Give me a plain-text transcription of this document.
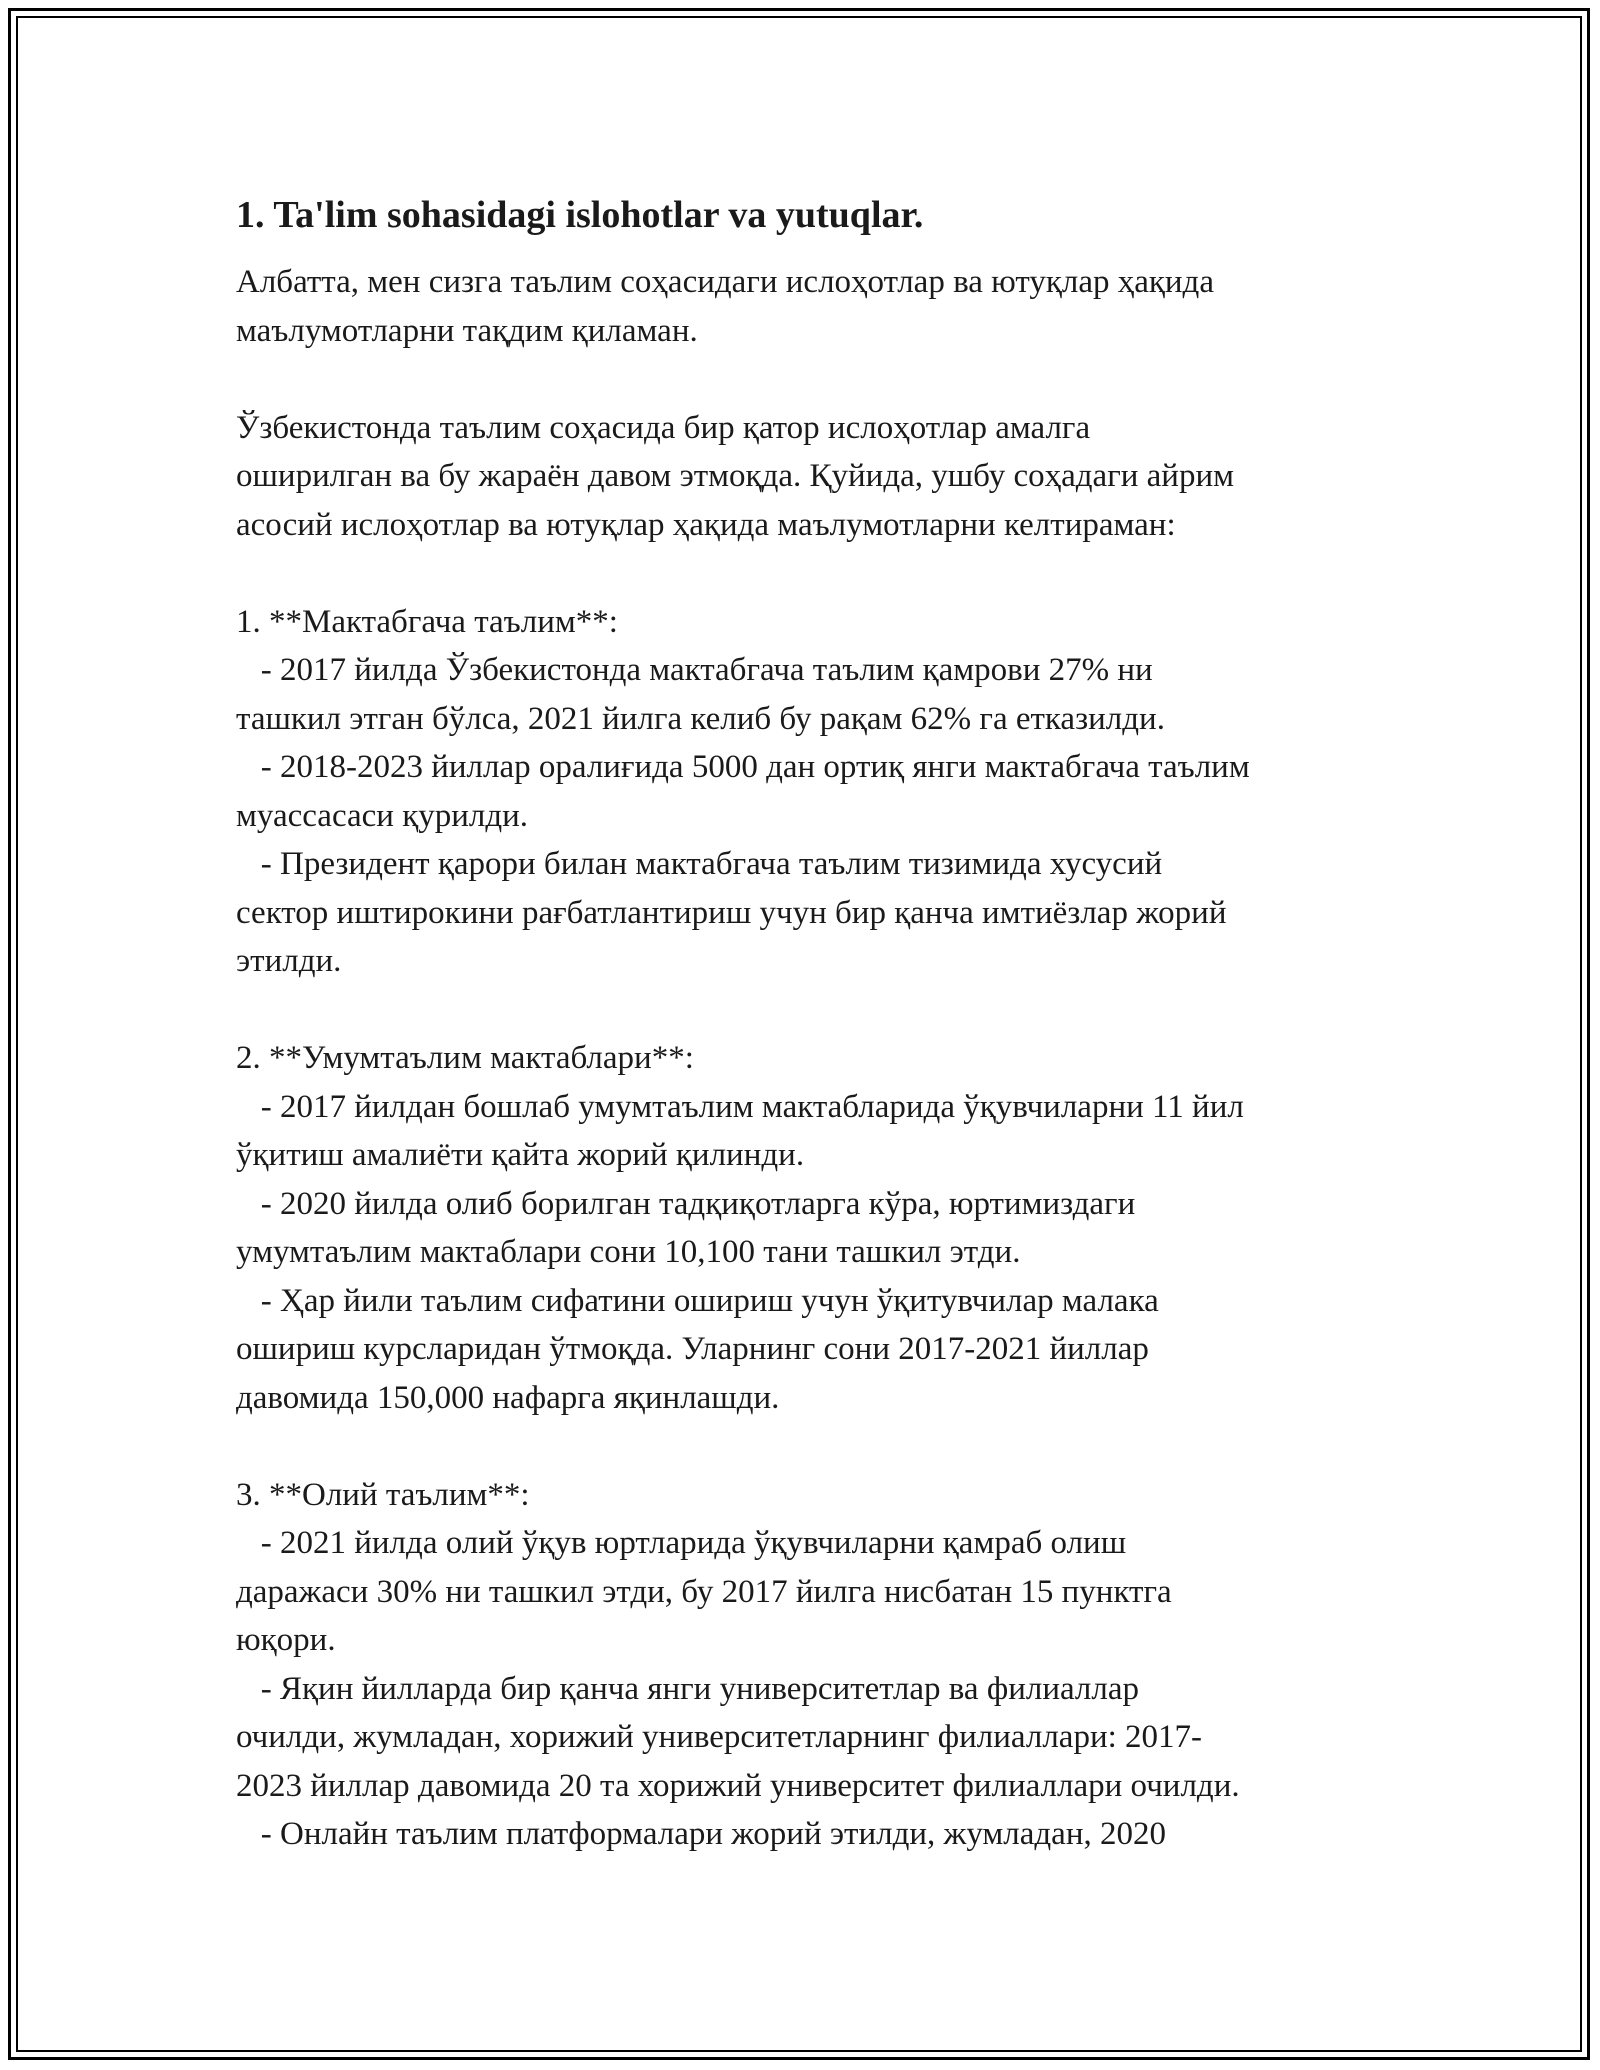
1. Ta'lim sohasidagi islohotlar va yutuqlar.

Албатта, мен сизга таълим соҳасидаги ислоҳотлар ва ютуқлар ҳақида
маълумотларни тақдим қиламан.

Ўзбекистонда таълим соҳасида бир қатор ислоҳотлар амалга
оширилган ва бу жараён давом этмоқда. Қуйида, ушбу соҳадаги айрим
асосий ислоҳотлар ва ютуқлар ҳақида маълумотларни келтираман:

1. **Мактабгача таълим**:
- 2017 йилда Ўзбекистонда мактабгача таълим қамрови 27% ни
ташкил этган бўлса, 2021 йилга келиб бу рақам 62% га етказилди.
- 2018-2023 йиллар оралиғида 5000 дан ортиқ янги мактабгача таълим
муассасаси қурилди.
- Президент қарори билан мактабгача таълим тизимида хусусий
сектор иштирокини рағбатлантириш учун бир қанча имтиёзлар жорий
этилди.

2. **Умумтаълим мактаблари**:
- 2017 йилдан бошлаб умумтаълим мактабларида ўқувчиларни 11 йил
ўқитиш амалиёти қайта жорий қилинди.
- 2020 йилда олиб борилган тадқиқотларга кўра, юртимиздаги
умумтаълим мактаблари сони 10,100 тани ташкил этди.
- Ҳар йили таълим сифатини ошириш учун ўқитувчилар малака
ошириш курсларидан ўтмоқда. Уларнинг сони 2017-2021 йиллар
давомида 150,000 нафарга яқинлашди.

3. **Олий таълим**:
- 2021 йилда олий ўқув юртларида ўқувчиларни қамраб олиш
даражаси 30% ни ташкил этди, бу 2017 йилга нисбатан 15 пунктга
юқори.
- Яқин йилларда бир қанча янги университетлар ва филиаллар
очилди, жумладан, хорижий университетларнинг филиаллари: 2017-
2023 йиллар давомида 20 та хорижий университет филиаллари очилди.
- Онлайн таълим платформалари жорий этилди, жумладан, 2020
